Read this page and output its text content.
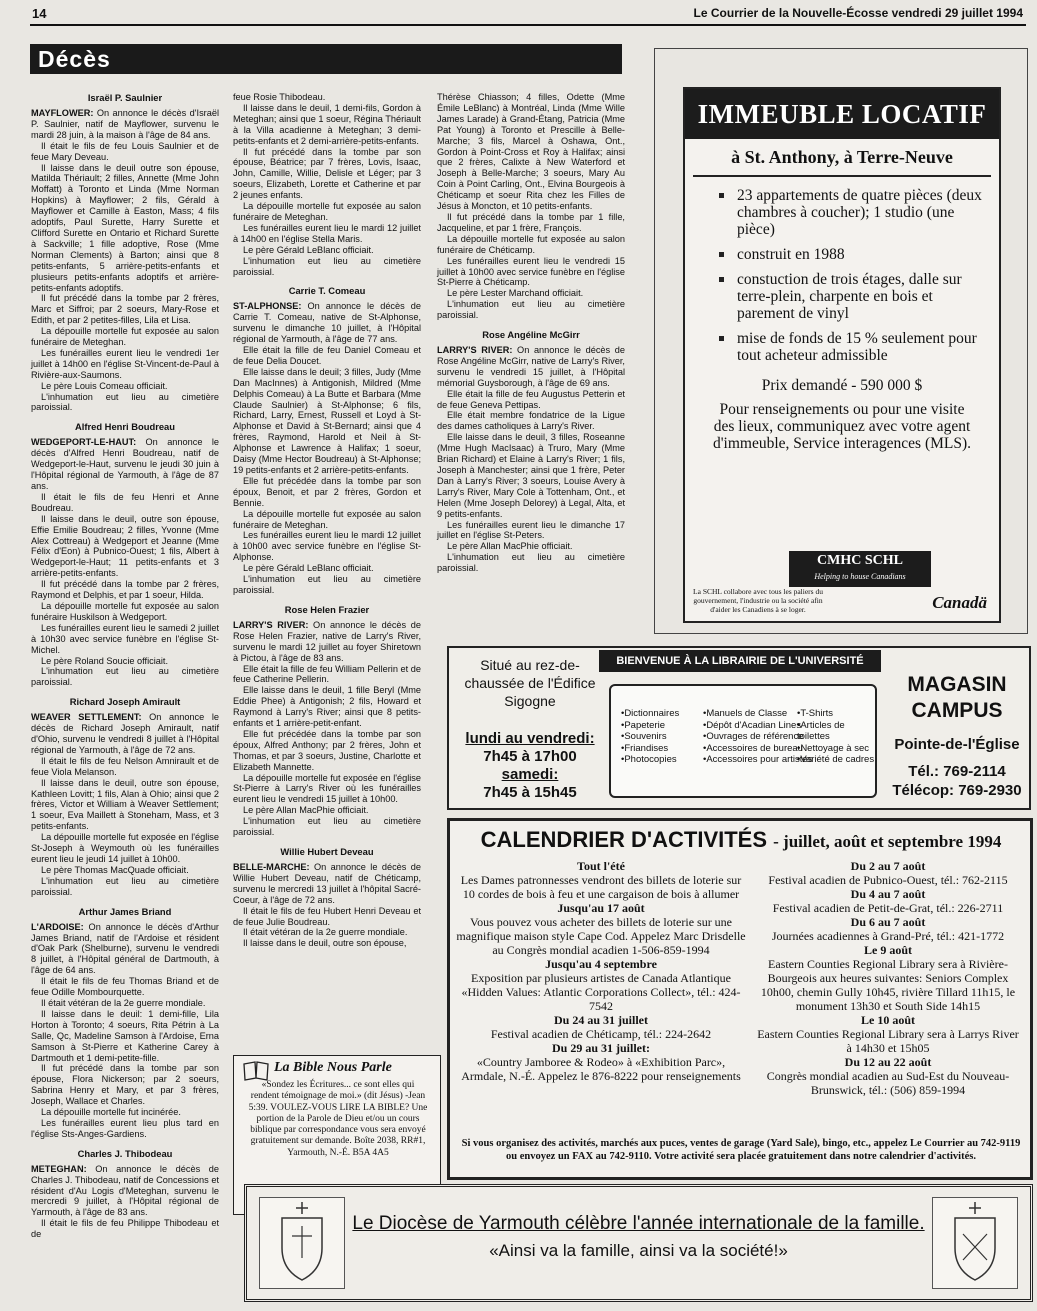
14	Le Courrier de la Nouvelle-Écosse vendredi 29 juillet 1994
Décès
Israël P. Saulnier

MAYFLOWER: On annonce le décès d'Israël P. Saulnier, natif de Mayflower, survenu le mardi 28 juin, à la maison à l'âge de 84 ans.

Il était le fils de feu Louis Saulnier et de feue Mary Deveau.

Il laisse dans le deuil outre son épouse, Matilda Thériault; 2 filles, Annette (Mme John Moffatt) à Toronto et Linda (Mme Norman Hopkins) à Mayflower; 2 fils, Gérald à Mayflower et Camille à Easton, Mass; 4 fils adoptifs, Paul Surette, Harry Surette et Clifford Surette en Ontario et Richard Surette à Sackville; 1 fille adoptive, Rose (Mme Norman Clements) à Barton; ainsi que 8 petits-enfants, 5 arrière-petits-enfants et plusieurs petits-enfants adoptifs et arrière-petits-enfants adoptifs.

Il fut précédé dans la tombe par 2 frères, Marc et Siffroi; par 2 soeurs, Mary-Rose et Edith, et par 2 petites-filles, Lila et Lisa.

La dépouille mortelle fut exposée au salon funéraire de Meteghan.

Les funérailles eurent lieu le vendredi 1er juillet à 14h00 en l'église St-Vincent-de-Paul à Rivière-aux-Saumons.

Le père Louis Comeau officiait.

L'inhumation eut lieu au cimetière paroissial.

Alfred Henri Boudreau

WEDGEPORT-LE-HAUT: On annonce le décès d'Alfred Henri Boudreau, natif de Wedgeport-le-Haut, survenu le jeudi 30 juin à l'Hôpital régional de Yarmouth, à l'âge de 87 ans.

Il était le fils de feu Henri et Anne Boudreau.

Il laisse dans le deuil, outre son épouse, Effie Emilie Boudreau; 2 filles, Yvonne (Mme Alex Cottreau) à Wedgeport et Jeanne (Mme Félix d'Eon) à Pubnico-Ouest; 1 fils, Albert à Wedgeport-le-Haut; 11 petits-enfants et 3 arrière-petits-enfants.

Il fut précédé dans la tombe par 2 frères, Raymond et Delphis, et par 1 soeur, Hilda.

La dépouille mortelle fut exposée au salon funéraire Huskilson à Wedgeport.

Les funérailles eurent lieu le samedi 2 juillet à 10h30 avec service funèbre en l'église St-Michel.

Le père Roland Soucie officiait.

L'inhumation eut lieu au cimetière paroissial.

Richard Joseph Amirault

WEAVER SETTLEMENT: On annonce le décès de Richard Joseph Amirault, natif d'Ohio, survenu le vendredi 8 juillet à l'Hôpital régional de Yarmouth, à l'âge de 72 ans.

Il était le fils de feu Nelson Amnirault et de feue Viola Melanson.

Il laisse dans le deuil, outre son épouse, Kathleen Lovitt; 1 fils, Alan à Ohio; ainsi que 2 frères, Victor et William à Weaver Settlement; 1 soeur, Eva Maillett à Stoneham, Mass, et 3 petits-enfants.

La dépouille mortelle fut exposée en l'église St-Joseph à Weymouth où les funérailles eurent lieu le jeudi 14 juillet à 10h00.

Le père Thomas MacQuade officiait.

L'inhumation eut lieu au cimetière paroissial.

Arthur James Briand

L'ARDOISE: On annonce le décès d'Arthur James Briand, natif de l'Ardoise et résident d'Oak Park (Shelburne), survenu le vendredi 8 juillet, à l'Hôpital général de Dartmouth, à l'âge de 64 ans.

Il était le fils de feu Thomas Briand et de feue Odille Mombourquette.

Il était vétéran de la 2e guerre mondiale.

Il laisse dans le deuil: 1 demi-fille, Lila Horton à Toronto; 4 soeurs, Rita Pétrin à La Salle, Qc, Madeline Samson à l'Ardoise, Erna Samson à St-Pierre et Katherine Carey à Dartmouth et 1 demi-petite-fille.

Il fut précédé dans la tombe par son épouse, Flora Nickerson; par 2 soeurs, Sabrina Henry et Mary, et par 3 frères, Joseph, Wallace et Charles.

La dépouille mortelle fut incinérée.

Les funérailles eurent lieu plus tard en l'église Sts-Anges-Gardiens.

Charles J. Thibodeau

METEGHAN: On annonce le décès de Charles J. Thibodeau, natif de Concessions et résident d'Au Logis d'Meteghan, survenu le mercredi 9 juillet, à l'Hôpital régional de Yarmouth, à l'âge de 83 ans.

Il était le fils de feu Philippe Thibodeau et de

feue Rosie Thibodeau.

Il laisse dans le deuil, 1 demi-fils, Gordon à Meteghan; ainsi que 1 soeur, Régina Thériault à la Villa acadienne à Meteghan; 3 demi-petits-enfants et 2 demi-arrière-petits-enfants.

Il fut précédé dans la tombe par son épouse, Béatrice; par 7 frères, Lovis, Isaac, John, Camille, Willie, Delisle et Léger; par 3 soeurs, Elizabeth, Lorette et Catherine et par 2 jeunes enfants.

La dépouille mortelle fut exposée au salon funéraire de Meteghan.

Les funérailles eurent lieu le mardi 12 juillet à 14h00 en l'église Stella Maris.

Le père Gérald LeBlanc officiait.

L'inhumation eut lieu au cimetière paroissial.

Carrie T. Comeau

ST-ALPHONSE: On annonce le décès de Carrie T. Comeau, native de St-Alphonse, survenu le dimanche 10 juillet, à l'Hôpital régional de Yarmouth, à l'âge de 77 ans.

Elle était la fille de feu Daniel Comeau et de feue Delia Doucet.

Elle laisse dans le deuil; 3 filles, Judy (Mme Dan MacInnes) à Antigonish, Mildred (Mme Delphis Comeau) à La Butte et Barbara (Mme Claude Saulnier) à St-Alphonse; 6 fils, Richard, Larry, Ernest, Russell et Loyd à St-Alphonse et David à St-Bernard; ainsi que 4 frères, Raymond, Harold et Neil à St-Alphonse et Lawrence à Halifax; 1 soeur, Daisy (Mme Hector Boudreau) à St-Alphonse; 19 petits-enfants et 2 arrière-petits-enfants.

Elle fut précédée dans la tombe par son époux, Benoit, et par 2 frères, Gordon et Bennie.

La dépouille mortelle fut exposée au salon funéraire de Meteghan.

Les funérailles eurent lieu le mardi 12 juillet à 10h00 avec service funèbre en l'église St-Alphonse.

Le père Gérald LeBlanc officiait.

L'inhumation eut lieu au cimetière paroissial.

Rose Helen Frazier

LARRY'S RIVER: On annonce le décès de Rose Helen Frazier, native de Larry's River, survenu le mardi 12 juillet au foyer Shiretown à Pictou, à l'âge de 83 ans.

Elle était la fille de feu William Pellerin et de feue Catherine Pellerin.

Elle laisse dans le deuil, 1 fille Beryl (Mme Eddie Phee) à Antigonish; 2 fils, Howard et Raymond à Larry's River; ainsi que 8 petits-enfants et 1 arrière-petit-enfant.

Elle fut précédée dans la tombe par son époux, Alfred Anthony; par 2 frères, John et Thomas, et par 3 soeurs, Justine, Charlotte et Elizabeth Mannette.

La dépouille mortelle fut exposée en l'église St-Pierre à Larry's River où les funérailles eurent lieu le vendredi 15 juillet à 10h00.

Le père Allan MacPhie officiait.

L'inhumation eut lieu au cimetière paroissial.

Willie Hubert Deveau

BELLE-MARCHE: On annonce le décès de Willie Hubert Deveau, natif de Chéticamp, survenu le mercredi 13 juillet à l'hôpital Sacré-Coeur, à l'âge de 72 ans.

Il était le fils de feu Hubert Henri Deveau et de feue Julie Boudreau.

Il était vétéran de la 2e guerre mondiale.

Il laisse dans le deuil, outre son épouse,

Thérèse Chiasson; 4 filles, Odette (Mme Émile LeBlanc) à Montréal, Linda (Mme Wille James Larade) à Grand-Étang, Patricia (Mme Pat Young) à Toronto et Prescille à Belle-Marche; 3 fils, Marcel à Oshawa, Ont., Gordon à Point-Cross et Roy à Halifax; ainsi que 2 frères, Calixte à New Waterford et Joseph à Belle-Marche; 3 soeurs, Mary Au Coin à Point Carling, Ont., Elvina Bourgeois à Chéticamp et soeur Rita chez les Filles de Jésus à Moncton, et 10 petits-enfants.

Il fut précédé dans la tombe par 1 fille, Jacqueline, et par 1 frère, François.

La dépouille mortelle fut exposée au salon funéraire de Chéticamp.

Les funérailles eurent lieu le vendredi 15 juillet à 10h00 avec service funèbre en l'église St-Pierre à Chéticamp.

Le père Lester Marchand officiait.

L'inhumation eut lieu au cimetière paroissial.

Rose Angéline McGirr

LARRY'S RIVER: On annonce le décès de Rose Angéline McGirr, native de Larry's River, survenu le vendredi 15 juillet, à l'Hôpital mémorial Guysborough, à l'âge de 69 ans.

Elle était la fille de feu Augustus Petterin et de feue Geneva Pettipas.

Elle était membre fondatrice de la Ligue des dames catholiques à Larry's River.

Elle laisse dans le deuil, 3 filles, Roseanne (Mme Hugh MacIsaac) à Truro, Mary (Mme Brian Richard) et Elaine à Larry's River; 1 fils, Joseph à Manchester; ainsi que 1 frère, Peter Dan à Larry's River; 3 soeurs, Louise Avery à Larry's River, Mary Cole à Tottenham, Ont., et Helen (Mme Joseph Delorey) à Legal, Alta, et 9 petits-enfants.

Les funérailles eurent lieu le dimanche 17 juillet en l'église St-Peters.

Le père Allan MacPhie officiait.

L'inhumation eut lieu au cimetière paroissial.

IMMEUBLE LOCATIF
à St. Anthony, à Terre-Neuve
23 appartements de quatre pièces (deux chambres à coucher); 1 studio (une pièce)
construit en 1988
constuction de trois étages, dalle sur terre-plein, charpente en bois et parement de vinyl
mise de fonds de 15 % seulement pour tout acheteur admissible
Prix demandé - 590 000 $
Pour renseignements ou pour une visite des lieux, communiquez avec votre agent d'immeuble, Service interagences (MLS).
CMHC SCHL
Helping to house Canadians
La SCHL collabore avec tous les paliers du gouvernement, l'industrie ou la société afin d'aider les Canadiens à se loger.	Canadä
Situé au rez-de-chaussée de l'Édifice Sigogne
lundi au vendredi:
7h45 à 17h00
samedi:
7h45 à 15h45
BIENVENUE À LA LIBRAIRIE DE L'UNIVERSITÉ
•Dictionnaires
•Papeterie
•Souvenirs
•Friandises
•Photocopies
•Manuels de Classe
•Dépôt d'Acadian Lines
•Ouvrages de référence
•Accessoires de bureau
•Accessoires pour artistes
•T-Shirts
•Articles de toilettes
•Nettoyage à sec
•Variété de cadres
MAGASIN CAMPUS
Pointe-de-l'Église
Tél.: 769-2114
Télécop: 769-2930
CALENDRIER D'ACTIVITÉS - juillet, août et septembre 1994
Tout l'été
Les Dames patronnesses vendront des billets de loterie sur 10 cordes de bois à feu et une cargaison de bois à allumer
Jusqu'au 17 août
Vous pouvez vous acheter des billets de loterie sur une magnifique maison style Cape Cod. Appelez Marc Drisdelle au Congrès mondial acadien 1-506-859-1994
Jusqu'au 4 septembre
Exposition par plusieurs artistes de Canada Atlantique «Hidden Values: Atlantic Corporations Collect», tél.: 424-7542
Du 24 au 31 juillet
Festival acadien de Chéticamp, tél.: 224-2642
Du 29 au 31 juillet:
«Country Jamboree & Rodeo» à «Exhibition Parc», Armdale, N.-É. Appelez le 876-8222 pour renseignements
Du 2 au 7 août
Festival acadien de Pubnico-Ouest, tél.: 762-2115
Du 4 au 7 août
Festival acadien de Petit-de-Grat, tél.: 226-2711
Du 6 au 7 août
Journées acadiennes à Grand-Pré, tél.: 421-1772
Le 9 août
Eastern Counties Regional Library sera à Rivière-Bourgeois aux heures suivantes: Seniors Complex 10h00, chemin Gully 10h45, rivière Tillard 11h15, le monument 13h30 et South Side 14h15
Le 10 août
Eastern Counties Regional Library sera à Larrys River à 14h30 et 15h05
Du 12 au 22 août
Congrès mondial acadien au Sud-Est du Nouveau-Brunswick, tél.: (506) 859-1994
Si vous organisez des activités, marchés aux puces, ventes de garage (Yard Sale), bingo, etc., appelez Le Courrier au 742-9119 ou envoyez un FAX au 742-9110. Votre activité sera placée gratuitement dans notre calendrier d'activités.
La Bible Nous Parle
«Sondez les Écritures... ce sont elles qui rendent témoignage de moi.» (dit Jésus) -Jean 5:39. VOULEZ-VOUS LIRE LA BIBLE? Une portion de la Parole de Dieu et/ou un cours biblique par correspondance vous sera envoyé gratuitement sur demande. Boîte 2038, RR#1, Yarmouth, N.-É. B5A 4A5
Le Diocèse de Yarmouth célèbre l'année internationale de la famille.
«Ainsi va la famille, ainsi va la société!»
